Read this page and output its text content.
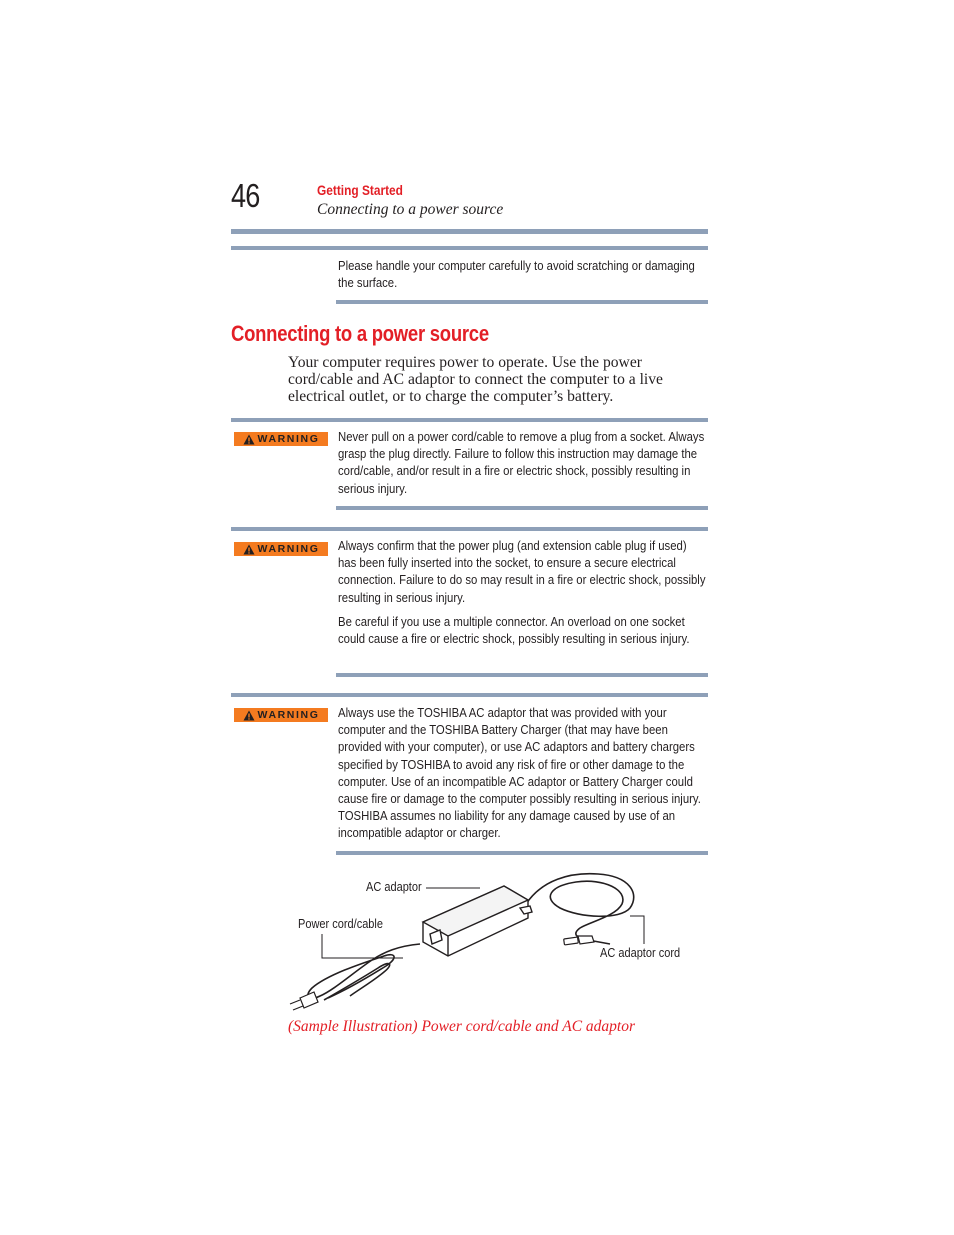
46	Getting Started
Connecting to a power source
Please handle your computer carefully to avoid scratching or damaging the surface.
Connecting to a power source
Your computer requires power to operate. Use the power cord/cable and AC adaptor to connect the computer to a live electrical outlet, or to charge the computer’s battery.
WARNING Never pull on a power cord/cable to remove a plug from a socket. Always grasp the plug directly. Failure to follow this instruction may damage the cord/cable, and/or result in a fire or electric shock, possibly resulting in serious injury.

WARNING Always confirm that the power plug (and extension cable plug if used) has been fully inserted into the socket, to ensure a secure electrical connection. Failure to do so may result in a fire or electric shock, possibly resulting in serious injury.

Be careful if you use a multiple connector. An overload on one socket could cause a fire or electric shock, possibly resulting in serious injury.

WARNING Always use the TOSHIBA AC adaptor that was provided with your computer and the TOSHIBA Battery Charger (that may have been provided with your computer), or use AC adaptors and battery chargers specified by TOSHIBA to avoid any risk of fire or other damage to the computer. Use of an incompatible AC adaptor or Battery Charger could cause fire or damage to the computer possibly resulting in serious injury. TOSHIBA assumes no liability for any damage caused by use of an incompatible adaptor or charger.

AC adaptor
Power cord/cable
AC adaptor cord
(Sample Illustration) Power cord/cable and AC adaptor
